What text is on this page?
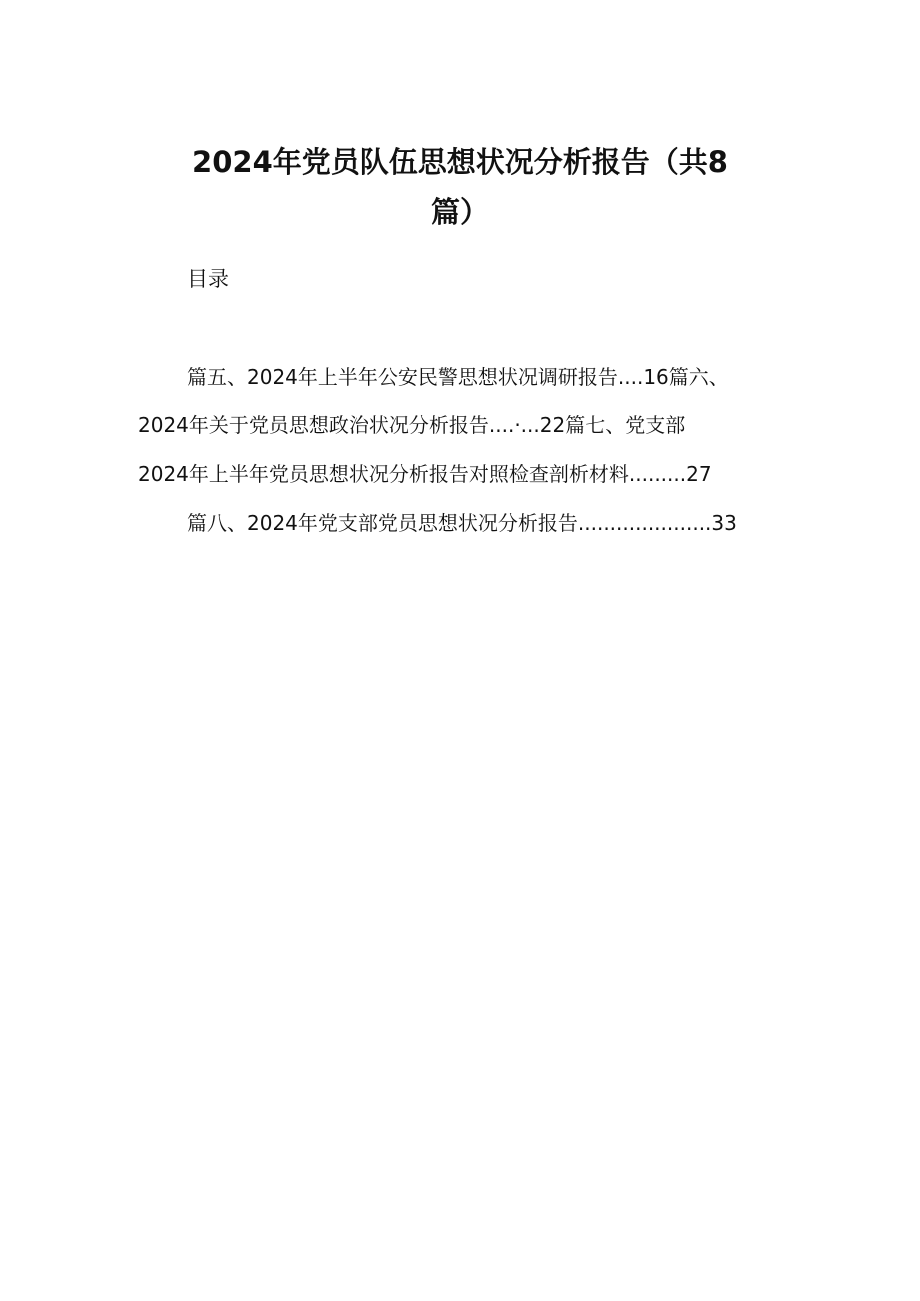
2024年党员队伍思想状况分析报告（共8
篇）
目录
篇五、2024年上半年公安民警思想状况调研报告....16篇六、
2024年关于党员思想政治状况分析报告....·...22篇七、党支部
2024年上半年党员思想状况分析报告对照检查剖析材料.........27
篇八、2024年党支部党员思想状况分析报告.....................33
